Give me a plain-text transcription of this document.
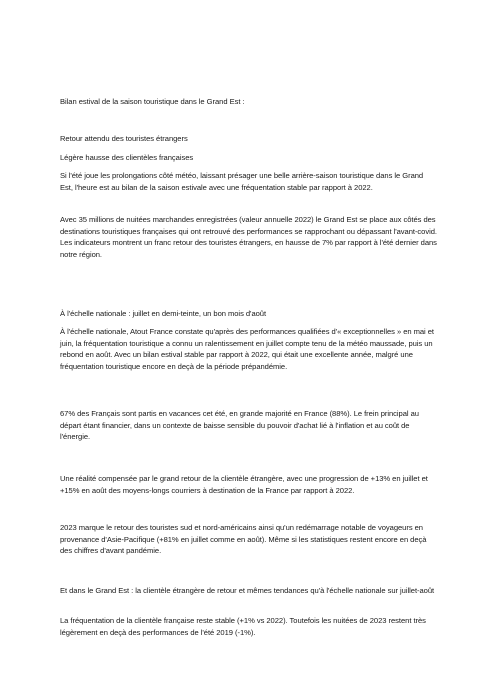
Bilan estival de la saison touristique dans le Grand Est :

Retour attendu des touristes étrangers

Légère hausse des clientèles françaises

Si l'été joue les prolongations côté météo, laissant présager une belle arrière-saison touristique dans le Grand Est, l'heure est au bilan de la saison estivale avec une fréquentation stable par rapport à 2022.

Avec 35 millions de nuitées marchandes enregistrées (valeur annuelle 2022) le Grand Est se place aux côtés des destinations touristiques françaises qui ont retrouvé des performances se rapprochant ou dépassant l'avant-covid. Les indicateurs montrent un franc retour des touristes étrangers, en hausse de 7% par rapport à l'été dernier dans notre région.

À l'échelle nationale : juillet en demi-teinte, un bon mois d'août

À l'échelle nationale, Atout France constate qu'après des performances qualifiées d'« exceptionnelles » en mai et juin, la fréquentation touristique a connu un ralentissement en juillet compte tenu de la météo maussade, puis un rebond en août. Avec un bilan estival stable par rapport à 2022, qui était une excellente année, malgré une fréquentation touristique encore en deçà de la période prépandémie.

67% des Français sont partis en vacances cet été, en grande majorité en France (88%). Le frein principal au départ étant financier, dans un contexte de baisse sensible du pouvoir d'achat lié à l'inflation et au coût de l'énergie.

Une réalité compensée par le grand retour de la clientèle étrangère, avec une progression de +13% en juillet et +15% en août des moyens-longs courriers à destination de la France par rapport à 2022.

2023 marque le retour des touristes sud et nord-américains ainsi qu'un redémarrage notable de voyageurs en provenance d'Asie-Pacifique (+81% en juillet comme en août). Même si les statistiques restent encore en deçà des chiffres d'avant pandémie.

Et dans le Grand Est : la clientèle étrangère de retour et mêmes tendances qu'à l'échelle nationale sur juillet-août

La fréquentation de la clientèle française reste stable (+1% vs 2022). Toutefois les nuitées de 2023 restent très légèrement en deçà des performances de l'été 2019 (-1%).
